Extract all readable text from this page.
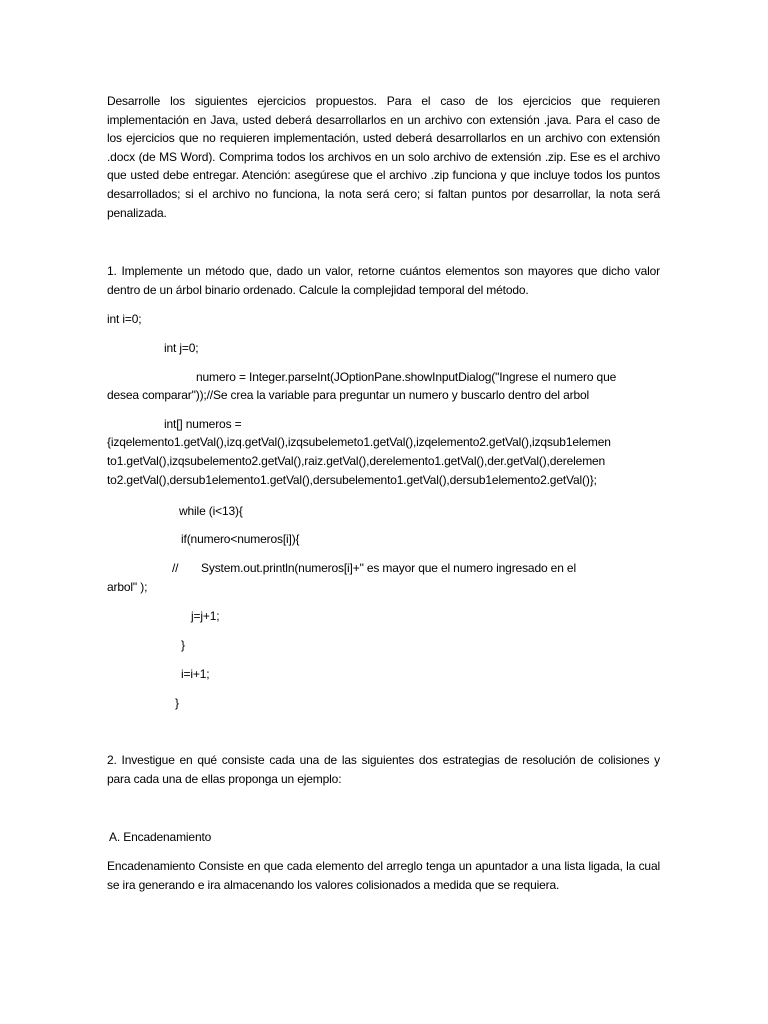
Desarrolle los siguientes ejercicios propuestos. Para el caso de los ejercicios que requieren implementación en Java, usted deberá desarrollarlos en un archivo con extensión .java. Para el caso de los ejercicios que no requieren implementación, usted deberá desarrollarlos en un archivo con extensión .docx (de MS Word). Comprima todos los archivos en un solo archivo de extensión .zip. Ese es el archivo que usted debe entregar. Atención: asegúrese que el archivo .zip funciona y que incluye todos los puntos desarrollados; si el archivo no funciona, la nota será cero; si faltan puntos por desarrollar, la nota será penalizada.

1. Implemente un método que, dado un valor, retorne cuántos elementos son mayores que dicho valor dentro de un árbol binario ordenado. Calcule la complejidad temporal del método.

int i=0;
int j=0;
numero = Integer.parseInt(JOptionPane.showInputDialog("Ingrese el numero que
desea comparar"));//Se crea la variable para preguntar un numero y buscarlo dentro del arbol
int[] numeros =
{izqelemento1.getVal(),izq.getVal(),izqsubelemeto1.getVal(),izqelemento2.getVal(),izqsub1elemen
to1.getVal(),izqsubelemento2.getVal(),raiz.getVal(),derelemento1.getVal(),der.getVal(),derelemen
to2.getVal(),dersub1elemento1.getVal(),dersubelemento1.getVal(),dersub1elemento2.getVal()};
while (i<13){
if(numero<numeros[i]){
// System.out.println(numeros[i]+" es mayor que el numero ingresado en el
arbol" );
j=j+1;
}
i=i+1;
}

2. Investigue en qué consiste cada una de las siguientes dos estrategias de resolución de colisiones y para cada una de ellas proponga un ejemplo:

A. Encadenamiento

Encadenamiento Consiste en que cada elemento del arreglo tenga un apuntador a una lista ligada, la cual se ira generando e ira almacenando los valores colisionados a medida que se requiera.
